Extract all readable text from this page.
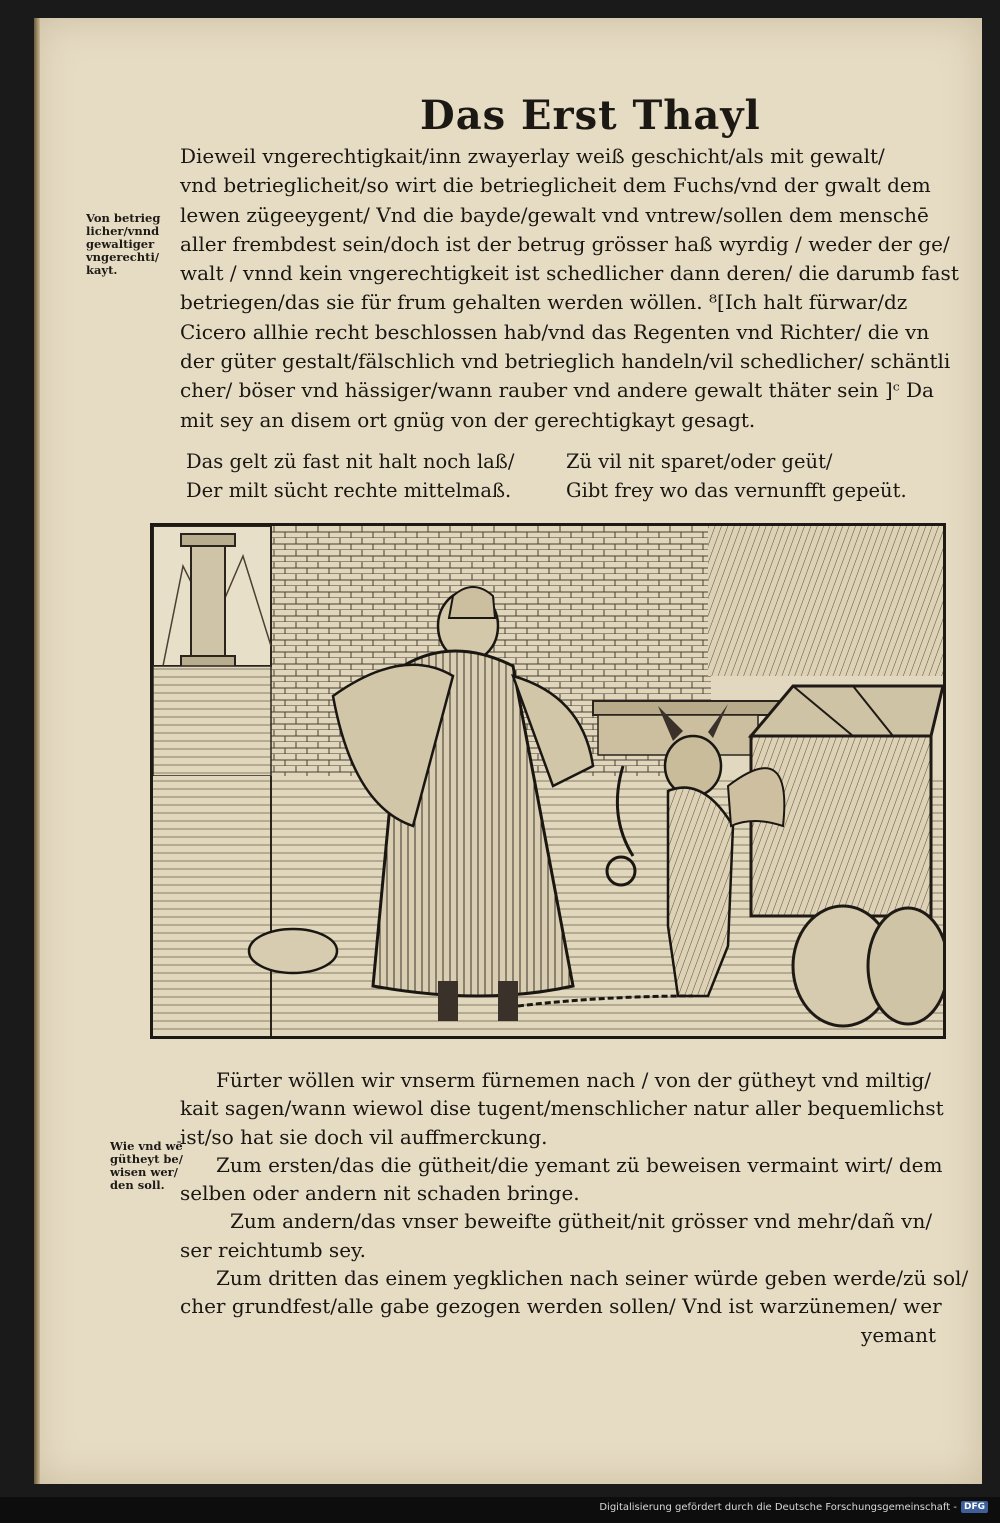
Das Erst Thayl
Von betrieg
licher/vnnd
gewaltiger
vngerechti/
kayt.
Dieweil vngerechtigkait/inn zwayerlay weiß geschicht/als mit gewalt/
vnd betrieglicheit/so wirt die betrieglicheit dem Fuchs/vnd der gwalt dem
lewen zügeeygent/ Vnd die bayde/gewalt vnd vntrew/sollen dem menschē
aller frembdest sein/doch ist der betrug grösser haß wyrdig / weder der ge/
walt / vnnd kein vngerechtigkeit ist schedlicher dann deren/ die darumb fast
betriegen/das sie für frum gehalten werden wöllen. ⁸[Ich halt fürwar/dz
Cicero allhie recht beschlossen hab/vnd das Regenten vnd Richter/ die vn
der güter gestalt/fälschlich vnd betrieglich handeln/vil schedlicher/ schäntli
cher/ böser vnd hässiger/wann rauber vnd andere gewalt thäter sein ]ᶜ Da
mit sey an disem ort gnüg von der gerechtigkayt gesagt.
Das gelt zü fast nit halt noch laß/
Der milt sücht rechte mittelmaß.
Zü vil nit sparet/oder geüt/
Gibt frey wo das vernunfft gepeüt.
Wie vnd wē
gütheyt be/
wisen wer/
den soll.
Fürter wöllen wir vnserm fürnemen nach / von der gütheyt vnd miltig/
kait sagen/wann wiewol dise tugent/menschlicher natur aller bequemlichst
ist/so hat sie doch vil auffmerckung.
Zum ersten/das die gütheit/die yemant zü beweisen vermaint wirt/ dem
selben oder andern nit schaden bringe.
Zum andern/das vnser beweifte gütheit/nit grösser vnd mehr/dañ vn/
ser reichtumb sey.
Zum dritten das einem yegklichen nach seiner würde geben werde/zü sol/
cher grundfest/alle gabe gezogen werden sollen/ Vnd ist warzünemen/ wer
yemant
Digitalisierung gefördert durch die Deutsche Forschungsgemeinschaft - DFG
